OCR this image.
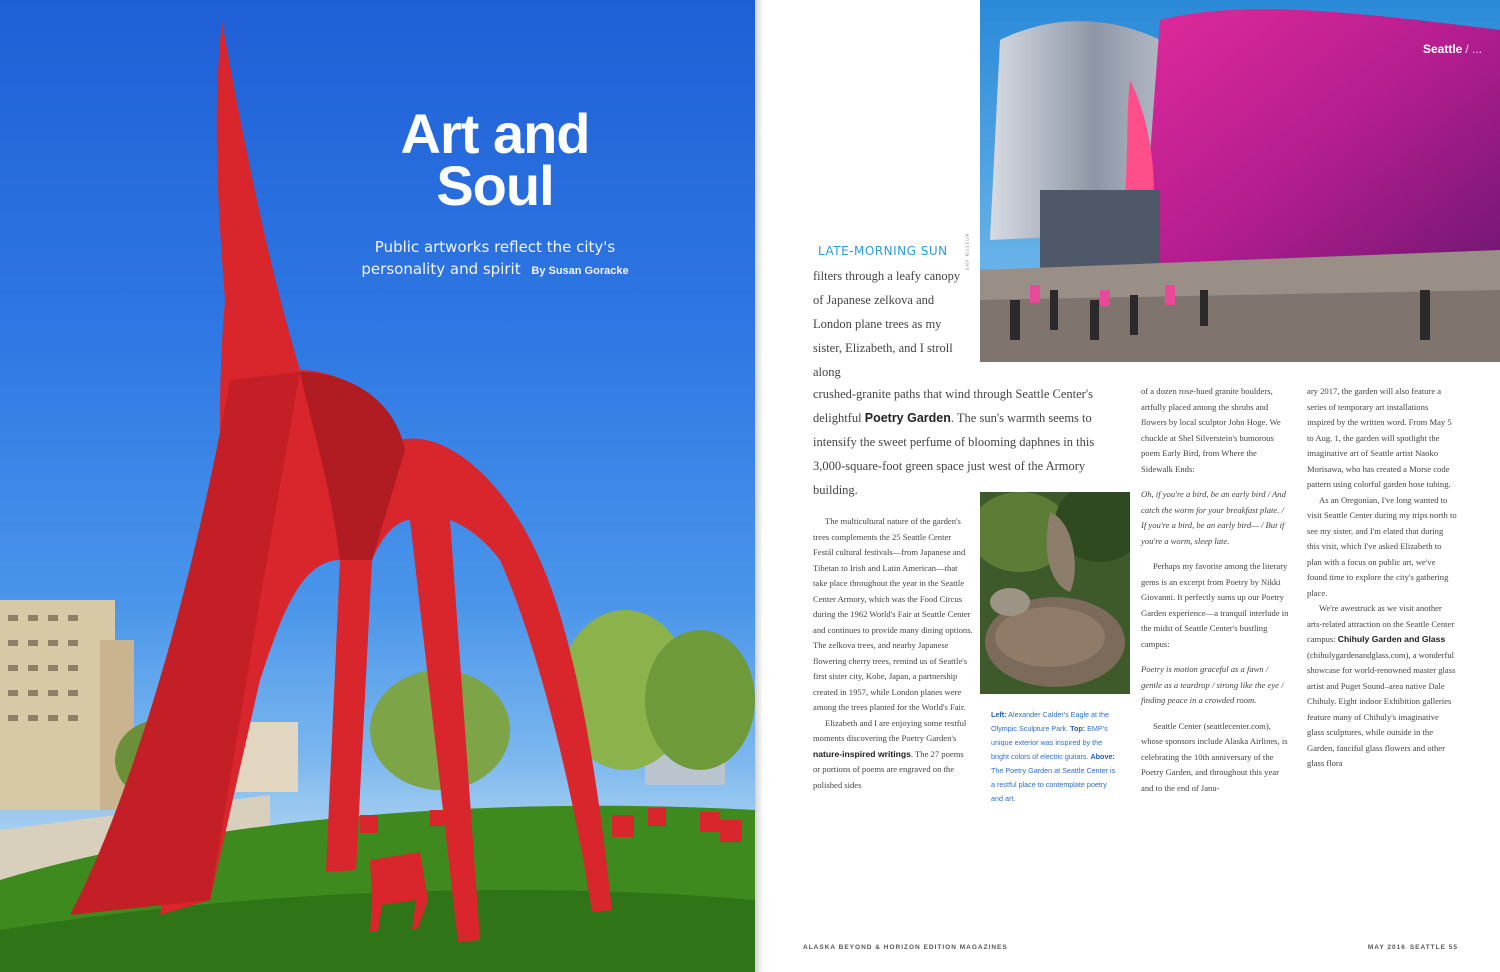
Art and Soul
Public artworks reflect the city's personality and spirit By Susan Goracke
Seattle / ...
EMP MUSEUM
LATE-MORNING SUN
filters through a leafy canopy of Japanese zelkova and London plane trees as my sister, Elizabeth, and I stroll along
crushed-granite paths that wind through Seattle Center's delightful Poetry Garden. The sun's warmth seems to intensify the sweet perfume of blooming daphnes in this 3,000-square-foot green space just west of the Armory building.

The multicultural nature of the garden's trees complements the 25 Seattle Center Festál cultural festivals—from Japanese and Tibetan to Irish and Latin American—that take place throughout the year in the Seattle Center Armory, which was the Food Circus during the 1962 World's Fair at Seattle Center and continues to provide many dining options. The zelkova trees, and nearby Japanese flowering cherry trees, remind us of Seattle's first sister city, Kobe, Japan, a partnership created in 1957, while London planes were among the trees planted for the World's Fair.

Elizabeth and I are enjoying some restful moments discovering the Poetry Garden's nature-inspired writings. The 27 poems or portions of poems are engraved on the polished sides

Left: Alexander Calder's Eagle at the Olympic Sculpture Park. Top: EMP's unique exterior was inspired by the bright colors of electric guitars. Above: The Poetry Garden at Seattle Center is a restful place to contemplate poetry and art.

of a dozen rose-hued granite boulders, artfully placed among the shrubs and flowers by local sculptor John Hoge. We chuckle at Shel Silverstein's humorous poem Early Bird, from Where the Sidewalk Ends:

Oh, if you're a bird, be an early bird / And catch the worm for your breakfast plate. / If you're a bird, be an early bird— / But if you're a worm, sleep late.

Perhaps my favorite among the literary gems is an excerpt from Poetry by Nikki Giovanni. It perfectly sums up our Poetry Garden experience—a tranquil interlude in the midst of Seattle Center's bustling campus:

Poetry is motion graceful as a fawn / gentle as a teardrop / strong like the eye / finding peace in a crowded room.

Seattle Center (seattlecenter.com), whose sponsors include Alaska Airlines, is celebrating the 10th anniversary of the Poetry Garden, and throughout this year and to the end of Janu-

ary 2017, the garden will also feature a series of temporary art installations inspired by the written word. From May 5 to Aug. 1, the garden will spotlight the imaginative art of Seattle artist Naoko Morisawa, who has created a Morse code pattern using colorful garden hose tubing.

As an Oregonian, I've long wanted to visit Seattle Center during my trips north to see my sister, and I'm elated that during this visit, which I've asked Elizabeth to plan with a focus on public art, we've found time to explore the city's gathering place.

We're awestruck as we visit another arts-related attraction on the Seattle Center campus: Chihuly Garden and Glass (chihulygardenandglass.com), a wonderful showcase for world-renowned master glass artist and Puget Sound–area native Dale Chihuly. Eight indoor Exhibition galleries feature many of Chihuly's imaginative glass sculptures, while outside in the Garden, fanciful glass flowers and other glass flora

ALASKA BEYOND & HORIZON EDITION MAGAZINES	MAY 2016 SEATTLE 55
